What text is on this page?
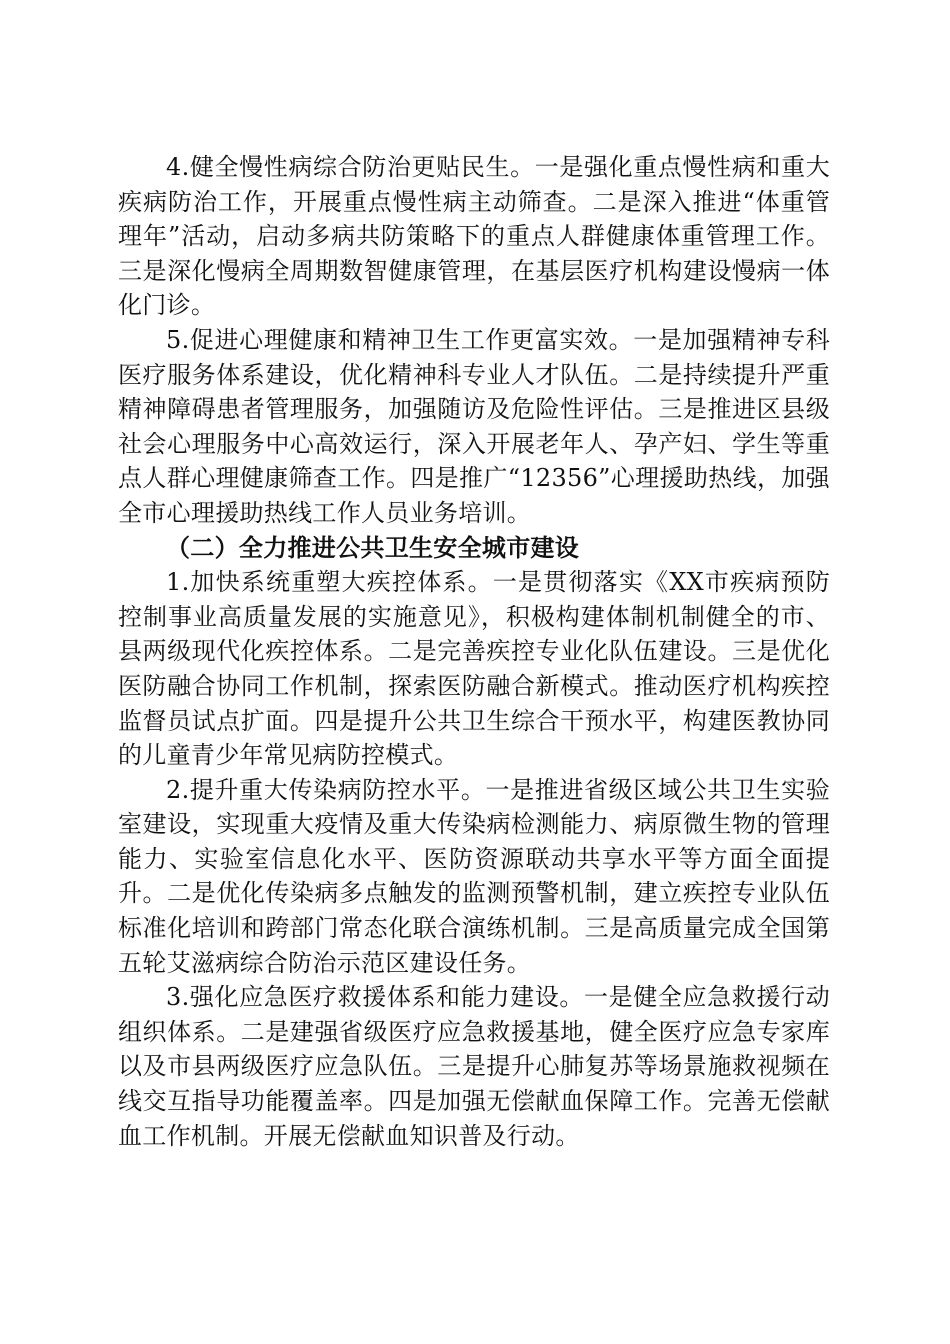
4.健全慢性病综合防治更贴民生。一是强化重点慢性病和重大疾病防治工作，开展重点慢性病主动筛查。二是深入推进“体重管理年”活动，启动多病共防策略下的重点人群健康体重管理工作。三是深化慢病全周期数智健康管理，在基层医疗机构建设慢病一体化门诊。

5.促进心理健康和精神卫生工作更富实效。一是加强精神专科医疗服务体系建设，优化精神科专业人才队伍。二是持续提升严重精神障碍患者管理服务，加强随访及危险性评估。三是推进区县级社会心理服务中心高效运行，深入开展老年人、孕产妇、学生等重点人群心理健康筛查工作。四是推广“12356”心理援助热线，加强全市心理援助热线工作人员业务培训。

（二）全力推进公共卫生安全城市建设

1.加快系统重塑大疾控体系。一是贯彻落实《XX市疾病预防控制事业高质量发展的实施意见》，积极构建体制机制健全的市、县两级现代化疾控体系。二是完善疾控专业化队伍建设。三是优化医防融合协同工作机制，探索医防融合新模式。推动医疗机构疾控监督员试点扩面。四是提升公共卫生综合干预水平，构建医教协同的儿童青少年常见病防控模式。

2.提升重大传染病防控水平。一是推进省级区域公共卫生实验室建设，实现重大疫情及重大传染病检测能力、病原微生物的管理能力、实验室信息化水平、医防资源联动共享水平等方面全面提升。二是优化传染病多点触发的监测预警机制，建立疾控专业队伍标准化培训和跨部门常态化联合演练机制。三是高质量完成全国第五轮艾滋病综合防治示范区建设任务。

3.强化应急医疗救援体系和能力建设。一是健全应急救援行动组织体系。二是建强省级医疗应急救援基地，健全医疗应急专家库以及市县两级医疗应急队伍。三是提升心肺复苏等场景施救视频在线交互指导功能覆盖率。四是加强无偿献血保障工作。完善无偿献血工作机制。开展无偿献血知识普及行动。
